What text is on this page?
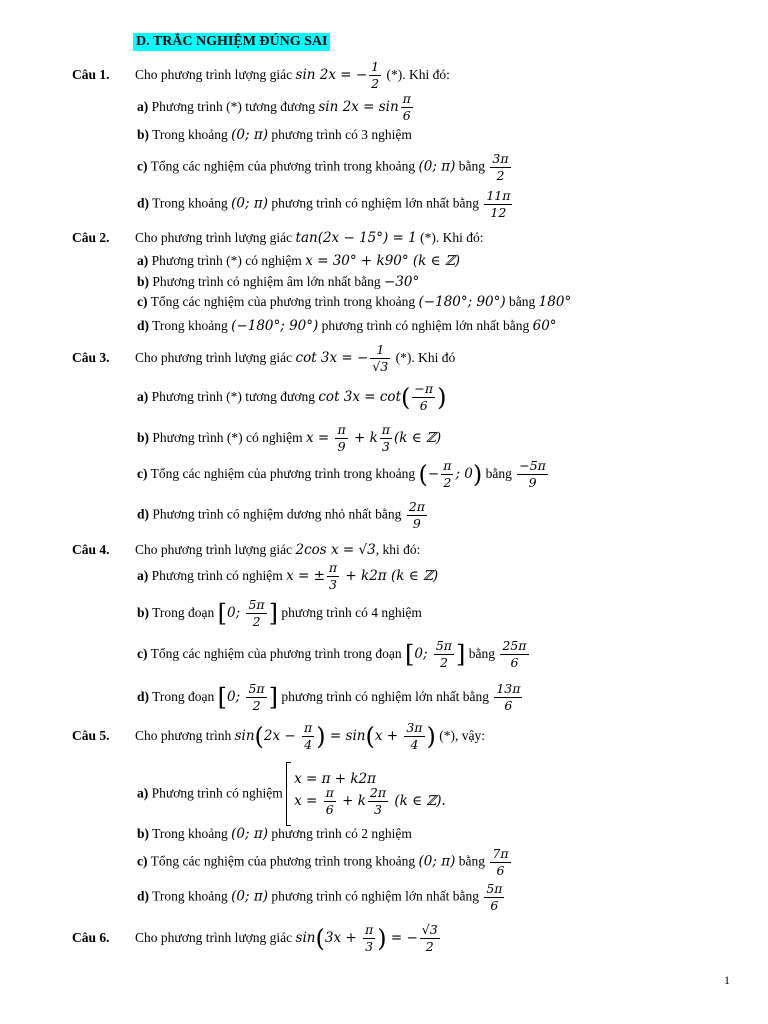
D. TRẮC NGHIỆM ĐÚNG SAI
Câu 1. Cho phương trình lượng giác sin 2x = − $\frac{1}{2}$ (*). Khi đó:
a) Phương trình (*) tương đương $\sin 2x = \sin \frac{\pi}{6}$
b) Trong khoảng (0; π) phương trình có 3 nghiệm
c) Tổng các nghiệm của phương trình trong khoảng (0; π) bằng $\frac{3\pi}{2}$
d) Trong khoảng (0; π) phương trình có nghiệm lớn nhất bằng $\frac{11\pi}{12}$
Câu 2. Cho phương trình lượng giác tan(2x − 15°) = 1 (*). Khi đó:
a) Phương trình (*) có nghiệm x = 30° + k90° (k ∈ ℤ)
b) Phương trình có nghiệm âm lớn nhất bằng −30°
c) Tổng các nghiệm của phương trình trong khoảng (−180°; 90°) bằng 180°
d) Trong khoảng (−180°; 90°) phương trình có nghiệm lớn nhất bằng 60°
Câu 3. Cho phương trình lượng giác cot 3x = − $\frac{1}{√3}$ (*). Khi đó
a) Phương trình (*) tương đương $\cot 3x = \cot( \frac{-\pi}{6}$ )
b) Phương trình (*) có nghiệm $x = \frac{\pi}{9} + k \frac{\pi}{3} (k$ ∈ ℤ)
c) Tổng các nghiệm của phương trình trong khoảng (− $\frac{\pi}{2}$ ; 0) bằng $\frac{-5\pi}{9}$
d) Phương trình có nghiệm dương nhỏ nhất bằng $\frac{2\pi}{9}$
Câu 4. Cho phương trình lượng giác 2cos x = √3, khi đó:
a) Phương trình có nghiệm x = ± $\frac{\pi}{3} + k2\pi$ (k ∈ ℤ)
b) Trong đoạn [0; $\frac{5\pi}{2}$ ] phương trình có 4 nghiệm
c) Tổng các nghiệm của phương trình trong đoạn [0; $\frac{5\pi}{2}$ ] bằng $\frac{25\pi}{6}$
d) Trong đoạn [0; $\frac{5\pi}{2}$ ] phương trình có nghiệm lớn nhất bằng $\frac{13\pi}{6}$
Câu 5. Cho phương trình $\sin(2x - \frac{\pi}{4}$ ) = $\sin(x + \frac{3\pi}{4}$ ) (*), vậy:
a) Phương trình có nghiệm
x = π + k2π
$x = \frac{\pi}{6} + k \frac{2\pi}{3} (k$ ∈ ℤ).
b) Trong khoảng (0; π) phương trình có 2 nghiệm
c) Tổng các nghiệm của phương trình trong khoảng (0; π) bằng $\frac{7\pi}{6}$
d) Trong khoảng (0; π) phương trình có nghiệm lớn nhất bằng $\frac{5\pi}{6}$
Câu 6. Cho phương trình lượng giác $\sin(3x + \frac{\pi}{3}$ ) = − $\frac{√3}{2}$
1
